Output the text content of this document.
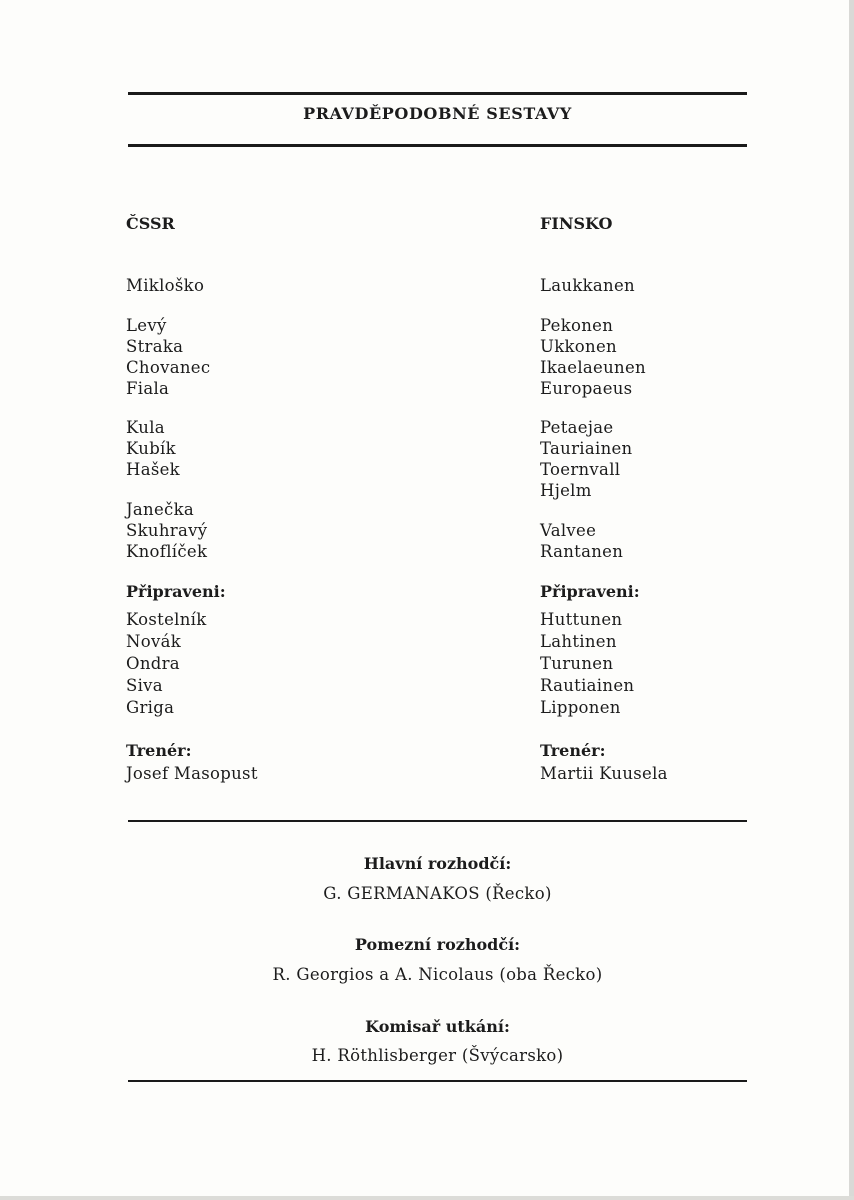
PRAVDĚPODOBNÉ SESTAVY
ČSSR
Mikloško
Levý
Straka
Chovanec
Fiala
Kula
Kubík
Hašek
Janečka
Skuhravý
Knoflíček
Připraveni:
Kostelník
Novák
Ondra
Siva
Griga
Trenér:
Josef Masopust
FINSKO
Laukkanen
Pekonen
Ukkonen
Ikaelaeunen
Europaeus
Petaejae
Tauriainen
Toernvall
Hjelm
Valvee
Rantanen
Připraveni:
Huttunen
Lahtinen
Turunen
Rautiainen
Lipponen
Trenér:
Martii Kuusela
Hlavní rozhodčí:
G. GERMANAKOS (Řecko)
Pomezní rozhodčí:
R. Georgios a A. Nicolaus (oba Řecko)
Komisař utkání:
H. Röthlisberger (Švýcarsko)
